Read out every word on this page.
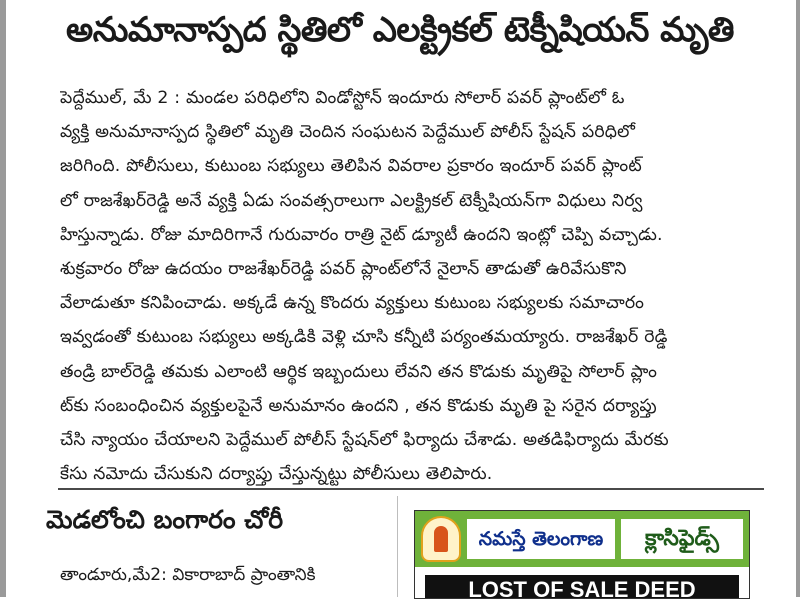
అనుమానాస్పద స్థితిలో ఎలక్ట్రికల్ టెక్నీషియన్ మృతి
పెద్దేముల్, మే 2 : మండల పరిధిలోని విండోస్టోన్ ఇందూరు సోలార్ పవర్ ప్లాంట్‌లో ఓ
వ్యక్తి అనుమానాస్పద స్థితిలో మృతి చెందిన సంఘటన పెద్దేముల్ పోలీస్ స్టేషన్ పరిధిలో
జరిగింది. పోలీసులు, కుటుంబ సభ్యులు తెలిపిన వివరాల ప్రకారం ఇందూర్ పవర్ ప్లాంట్
లో రాజశేఖర్‌రెడ్డి అనే వ్యక్తి ఏడు సంవత్సరాలుగా ఎలక్ట్రికల్ టెక్నీషియన్‌గా విధులు నిర్వ
హిస్తున్నాడు. రోజు మాదిరిగానే గురువారం రాత్రి నైట్ డ్యూటీ ఉందని ఇంట్లో చెప్పి వచ్చాడు.
శుక్రవారం రోజు ఉదయం రాజశేఖర్‌రెడ్డి పవర్ ప్లాంట్‌లోనే నైలాన్ తాడుతో ఉరివేసుకొని
వేలాడుతూ కనిపించాడు. అక్కడే ఉన్న కొందరు వ్యక్తులు కుటుంబ సభ్యులకు సమాచారం
ఇవ్వడంతో కుటుంబ సభ్యులు అక్కడికి వెళ్లి చూసి కన్నీటి పర్యంతమయ్యారు. రాజశేఖర్ రెడ్డి
తండ్రి బాల్‌రెడ్డి తమకు ఎలాంటి ఆర్థిక ఇబ్బందులు లేవని తన కొడుకు మృతిపై సోలార్ ప్లాం
ట్‌కు సంబంధించిన వ్యక్తులపైనే అనుమానం ఉందని , తన కొడుకు మృతి పై సరైన దర్యాప్తు
చేసి న్యాయం చేయాలని పెద్దేముల్ పోలీస్ స్టేషన్‌లో ఫిర్యాదు చేశాడు. అతడిఫిర్యాదు మేరకు
కేసు నమోదు చేసుకుని దర్యాప్తు చేస్తున్నట్టు పోలీసులు తెలిపారు.
మెడలోంచి బంగారం చోరీ
తాండూరు,మే2: వికారాబాద్ ప్రాంతానికి
నమస్తే తెలంగాణ	క్లాసిఫైడ్స్
LOST OF SALE DEED
